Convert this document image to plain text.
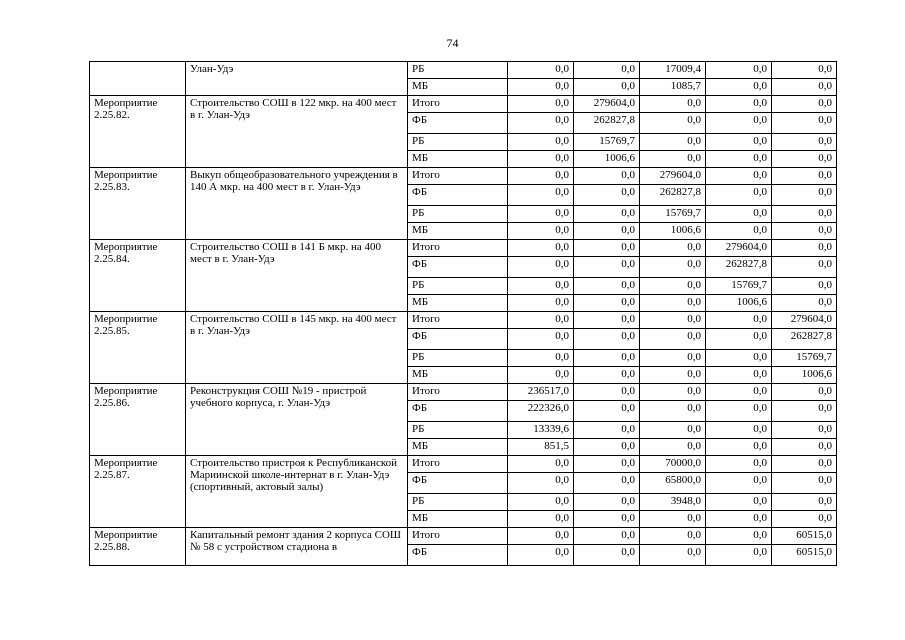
74
	Улан-Удэ	РБ	0,0	0,0	17009,4	0,0	0,0
		МБ	0,0	0,0	1085,7	0,0	0,0
Мероприятие 2.25.82.	Строительство СОШ в 122 мкр. на 400 мест в г. Улан-Удэ	Итого	0,0	279604,0	0,0	0,0	0,0
		ФБ	0,0	262827,8	0,0	0,0	0,0
		РБ	0,0	15769,7	0,0	0,0	0,0
		МБ	0,0	1006,6	0,0	0,0	0,0
Мероприятие 2.25.83.	Выкуп общеобразовательного учреждения в 140 А мкр. на 400 мест в г. Улан-Удэ	Итого	0,0	0,0	279604,0	0,0	0,0
		ФБ	0,0	0,0	262827,8	0,0	0,0
		РБ	0,0	0,0	15769,7	0,0	0,0
		МБ	0,0	0,0	1006,6	0,0	0,0
Мероприятие 2.25.84.	Строительство СОШ в 141 Б мкр. на 400 мест в г. Улан-Удэ	Итого	0,0	0,0	0,0	279604,0	0,0
		ФБ	0,0	0,0	0,0	262827,8	0,0
		РБ	0,0	0,0	0,0	15769,7	0,0
		МБ	0,0	0,0	0,0	1006,6	0,0
Мероприятие 2.25.85.	Строительство СОШ в 145 мкр. на 400 мест в г. Улан-Удэ	Итого	0,0	0,0	0,0	0,0	279604,0
		ФБ	0,0	0,0	0,0	0,0	262827,8
		РБ	0,0	0,0	0,0	0,0	15769,7
		МБ	0,0	0,0	0,0	0,0	1006,6
Мероприятие 2.25.86.	Реконструкция СОШ №19 - пристрой учебного корпуса, г. Улан-Удэ	Итого	236517,0	0,0	0,0	0,0	0,0
		ФБ	222326,0	0,0	0,0	0,0	0,0
		РБ	13339,6	0,0	0,0	0,0	0,0
		МБ	851,5	0,0	0,0	0,0	0,0
Мероприятие 2.25.87.	Строительство пристроя к Республиканской Мариинской школе-интернат в г. Улан-Удэ (спортивный, актовый залы)	Итого	0,0	0,0	70000,0	0,0	0,0
		ФБ	0,0	0,0	65800,0	0,0	0,0
		РБ	0,0	0,0	3948,0	0,0	0,0
		МБ	0,0	0,0	0,0	0,0	0,0
Мероприятие 2.25.88.	Капитальный ремонт здания 2 корпуса СОШ № 58 с устройством стадиона в	Итого	0,0	0,0	0,0	0,0	60515,0
		ФБ	0,0	0,0	0,0	0,0	60515,0
